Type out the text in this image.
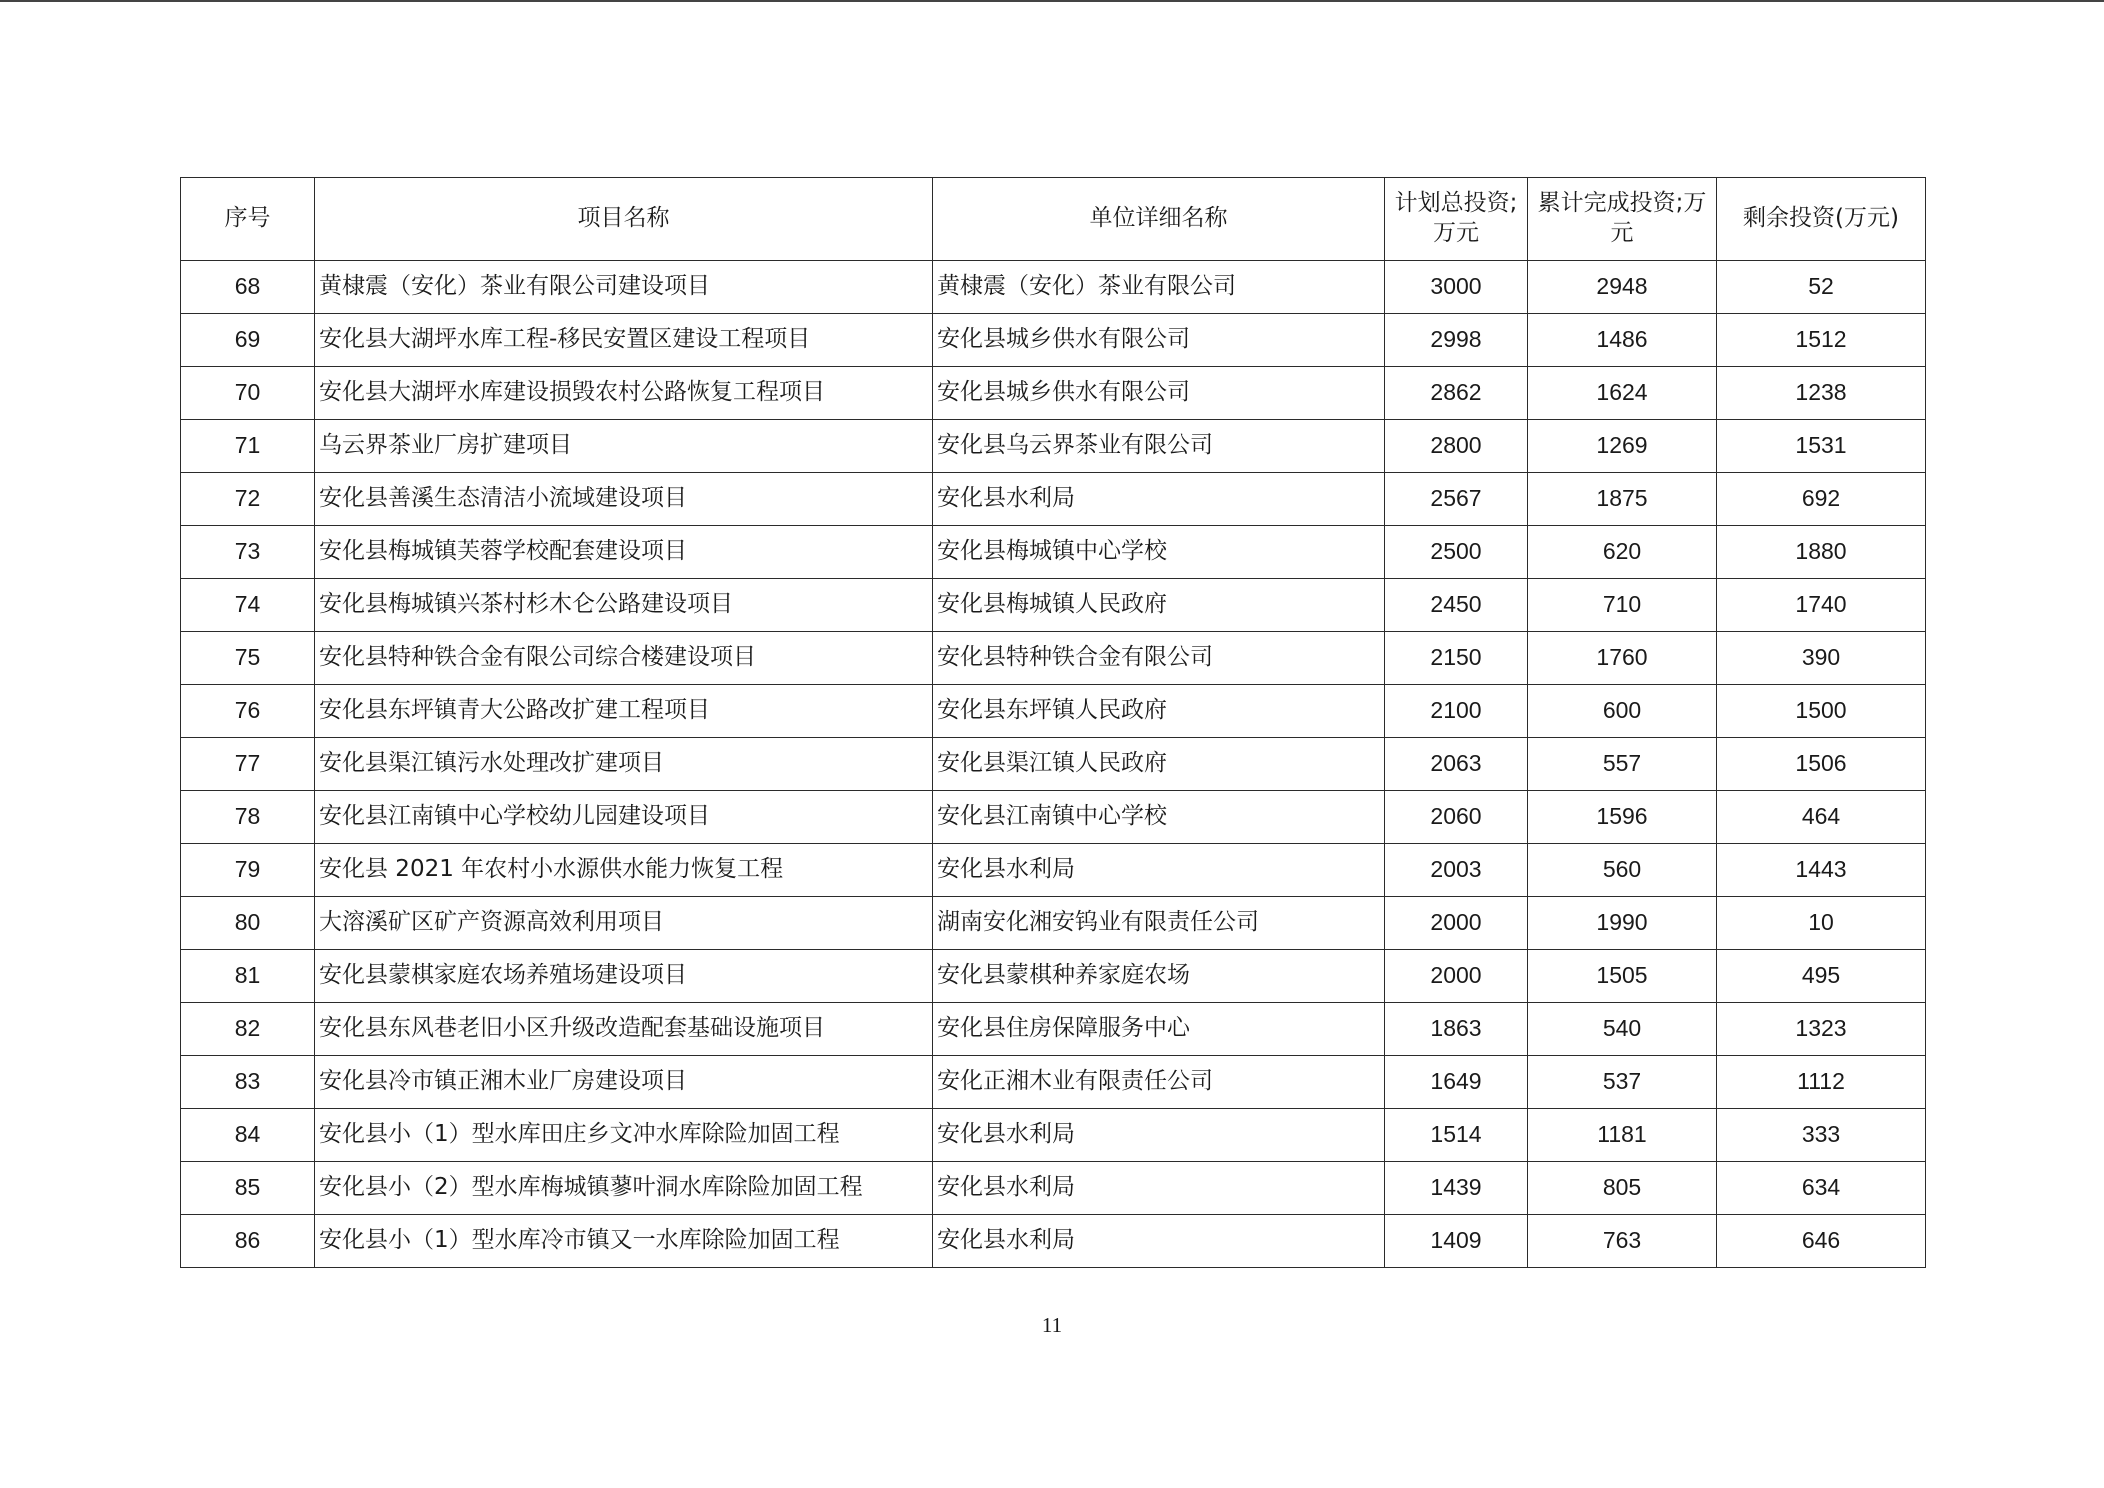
序号	项目名称	单位详细名称	计划总投资;万元	累计完成投资;万元	剩余投资(万元)
68	黄棣震（安化）茶业有限公司建设项目	黄棣震（安化）茶业有限公司	3000	2948	52
69	安化县大湖坪水库工程-移民安置区建设工程项目	安化县城乡供水有限公司	2998	1486	1512
70	安化县大湖坪水库建设损毁农村公路恢复工程项目	安化县城乡供水有限公司	2862	1624	1238
71	乌云界茶业厂房扩建项目	安化县乌云界茶业有限公司	2800	1269	1531
72	安化县善溪生态清洁小流域建设项目	安化县水利局	2567	1875	692
73	安化县梅城镇芙蓉学校配套建设项目	安化县梅城镇中心学校	2500	620	1880
74	安化县梅城镇兴茶村杉木仑公路建设项目	安化县梅城镇人民政府	2450	710	1740
75	安化县特种铁合金有限公司综合楼建设项目	安化县特种铁合金有限公司	2150	1760	390
76	安化县东坪镇青大公路改扩建工程项目	安化县东坪镇人民政府	2100	600	1500
77	安化县渠江镇污水处理改扩建项目	安化县渠江镇人民政府	2063	557	1506
78	安化县江南镇中心学校幼儿园建设项目	安化县江南镇中心学校	2060	1596	464
79	安化县 2021 年农村小水源供水能力恢复工程	安化县水利局	2003	560	1443
80	大溶溪矿区矿产资源高效利用项目	湖南安化湘安钨业有限责任公司	2000	1990	10
81	安化县蒙棋家庭农场养殖场建设项目	安化县蒙棋种养家庭农场	2000	1505	495
82	安化县东风巷老旧小区升级改造配套基础设施项目	安化县住房保障服务中心	1863	540	1323
83	安化县冷市镇正湘木业厂房建设项目	安化正湘木业有限责任公司	1649	537	1112
84	安化县小（1）型水库田庄乡文冲水库除险加固工程	安化县水利局	1514	1181	333
85	安化县小（2）型水库梅城镇蓼叶洞水库除险加固工程	安化县水利局	1439	805	634
86	安化县小（1）型水库冷市镇又一水库除险加固工程	安化县水利局	1409	763	646
11
